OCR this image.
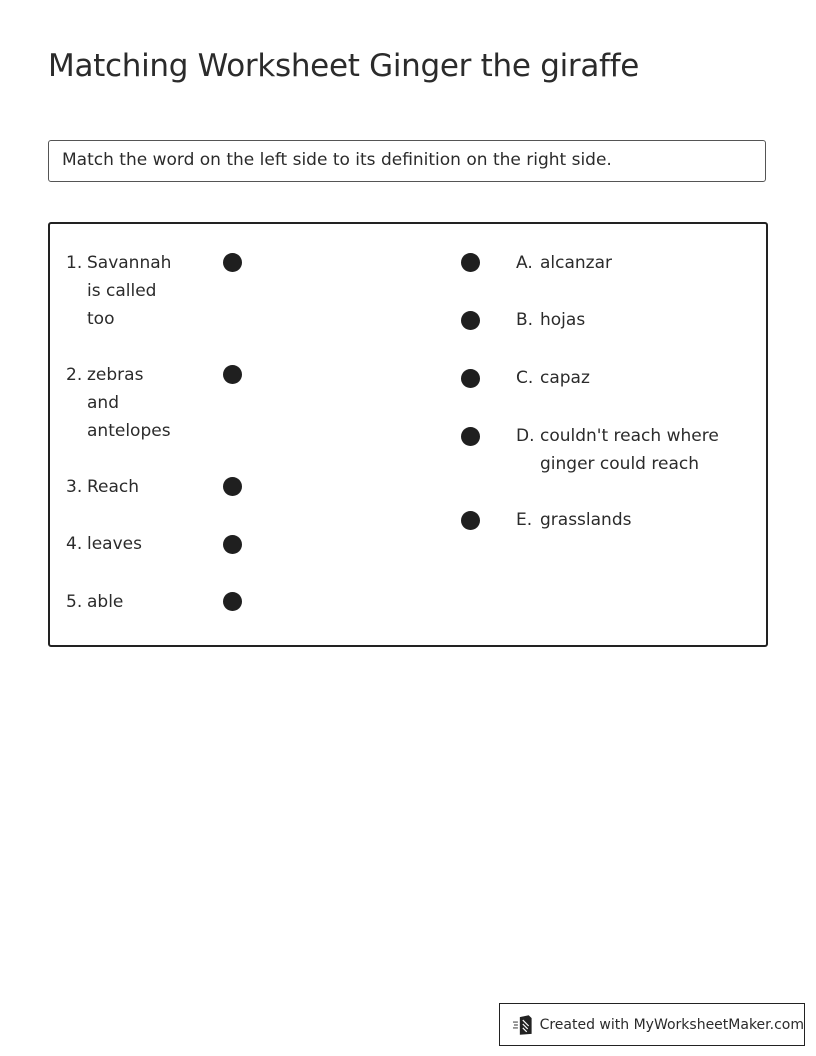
Matching Worksheet Ginger the giraffe
Match the word on the left side to its definition on the right side.
1. Savannah
is called
too
2. zebras
and
antelopes
3. Reach
4. leaves
5. able
A. alcanzar
B. hojas
C. capaz
D. couldn't reach where
ginger could reach
E. grasslands
Created with MyWorksheetMaker.com
